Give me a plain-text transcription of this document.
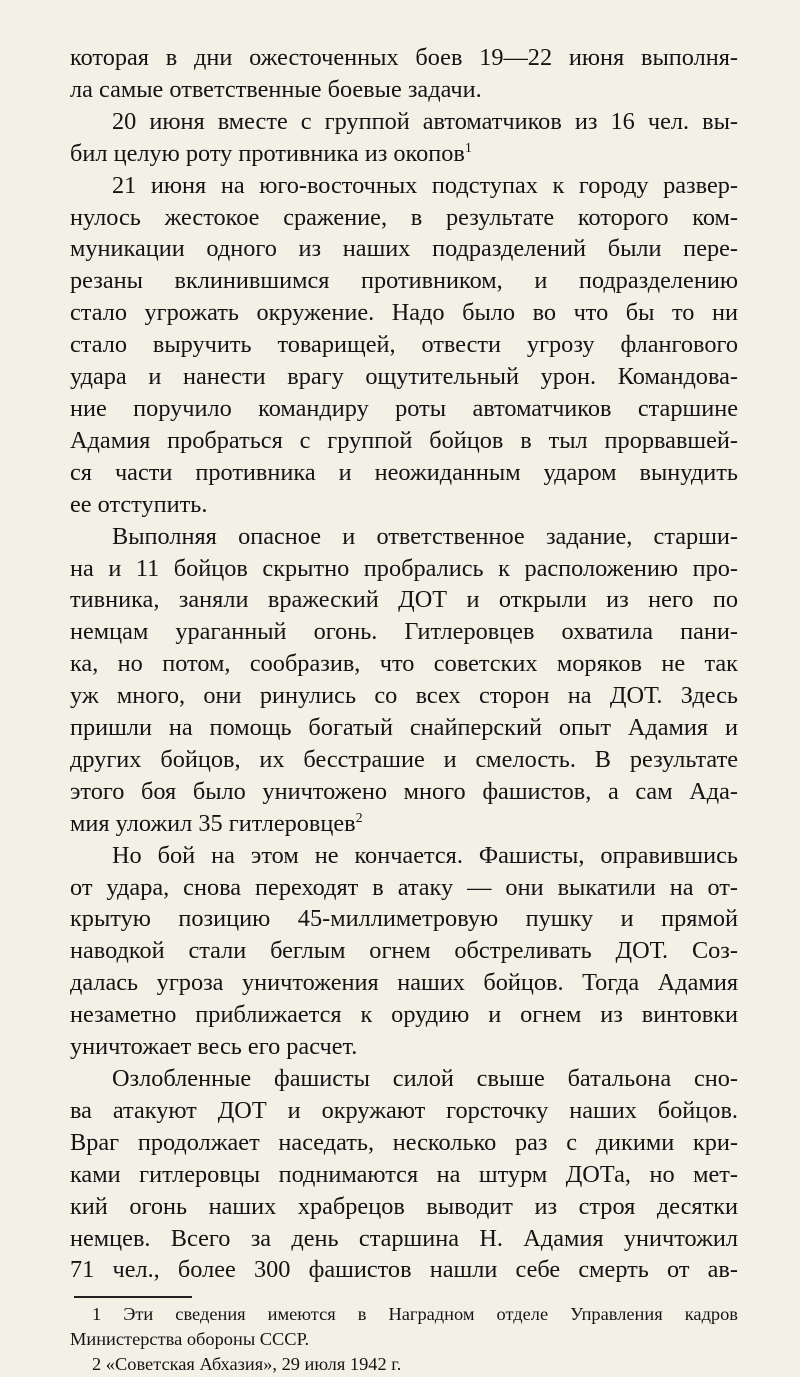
которая в дни ожесточенных боев 19—22 июня выполня-
ла самые ответственные боевые задачи.
20 июня вместе с группой автоматчиков из 16 чел. вы-
бил целую роту противника из окопов$^1$
21 июня на юго-восточных подступах к городу развер-
нулось жестокое сражение, в результате которого ком-
муникации одного из наших подразделений были пере-
резаны вклинившимся противником, и подразделению
стало угрожать окружение. Надо было во что бы то ни
стало выручить товарищей, отвести угрозу флангового
удара и нанести врагу ощутительный урон. Командова-
ние поручило командиру роты автоматчиков старшине
Адамия пробраться с группой бойцов в тыл прорвавшей-
ся части противника и неожиданным ударом вынудить
ее отступить.
Выполняя опасное и ответственное задание, старши-
на и 11 бойцов скрытно пробрались к расположению про-
тивника, заняли вражеский ДОТ и открыли из него по
немцам ураганный огонь. Гитлеровцев охватила пани-
ка, но потом, сообразив, что советских моряков не так
уж много, они ринулись со всех сторон на ДОТ. Здесь
пришли на помощь богатый снайперский опыт Адамия и
других бойцов, их бесстрашие и смелость. В результате
этого боя было уничтожено много фашистов, а сам Ада-
мия уложил 35 гитлеровцев$^2$
Но бой на этом не кончается. Фашисты, оправившись
от удара, снова переходят в атаку — они выкатили на от-
крытую позицию 45-миллиметровую пушку и прямой
наводкой стали беглым огнем обстреливать ДОТ. Соз-
далась угроза уничтожения наших бойцов. Тогда Адамия
незаметно приближается к орудию и огнем из винтовки
уничтожает весь его расчет.
Озлобленные фашисты силой свыше батальона сно-
ва атакуют ДОТ и окружают горсточку наших бойцов.
Враг продолжает наседать, несколько раз с дикими кри-
ками гитлеровцы поднимаются на штурм ДОТа, но мет-
кий огонь наших храбрецов выводит из строя десятки
немцев. Всего за день старшина Н. Адамия уничтожил
71 чел., более 300 фашистов нашли себе смерть от ав-
1 Эти сведения имеются в Наградном отделе Управления кадров
Министерства обороны СССР.
2 «Советская Абхазия», 29 июля 1942 г.
